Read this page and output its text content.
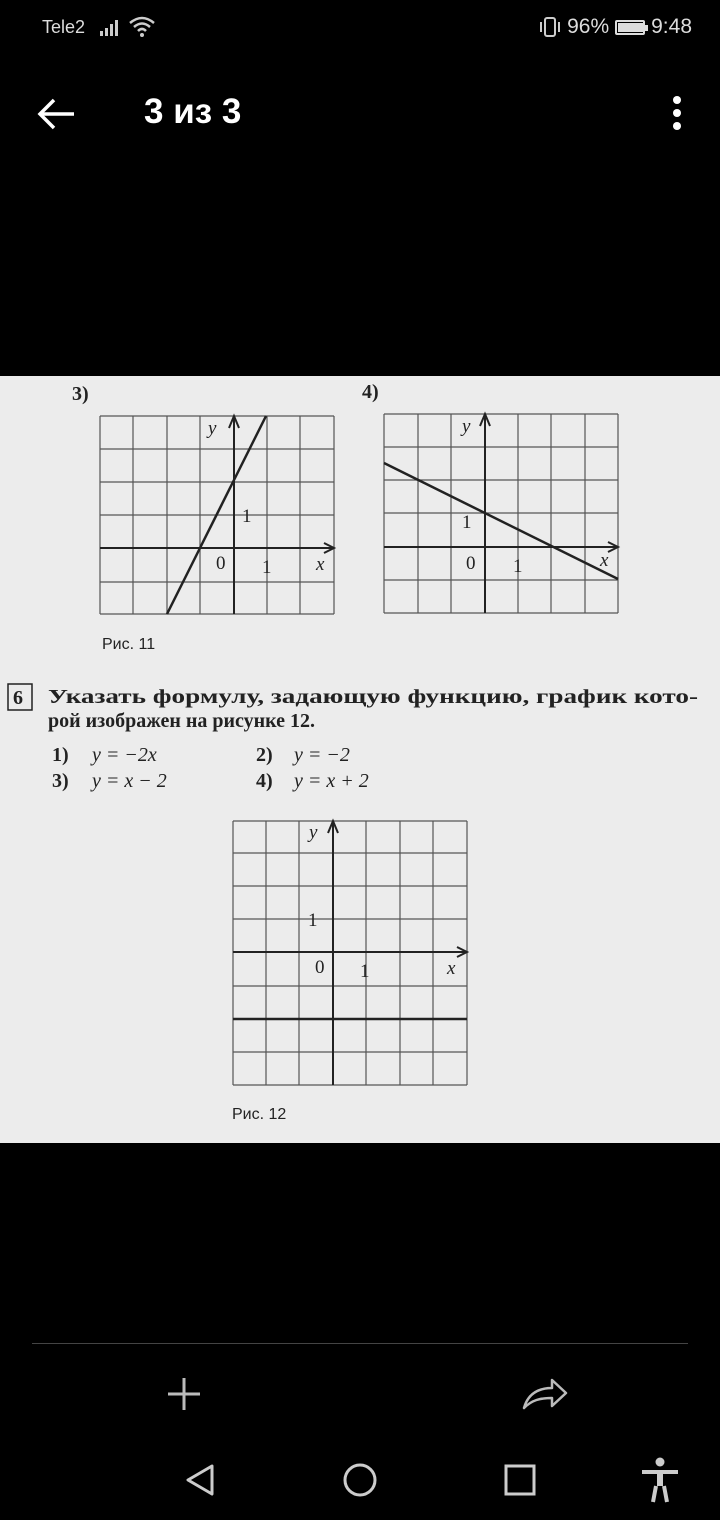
Tele2	96% 9:48
3 из 3
3)
y
1
0 1 x
4)
y
1
0 1	x
Рис. 11
6 Указать формулу, задающую функцию, график кото-
рой изображен на рисунке 12.
1) y = −2x	2) y = −2
3) y = x − 2	4) y = x + 2
y
1
0 1	x
Рис. 12
